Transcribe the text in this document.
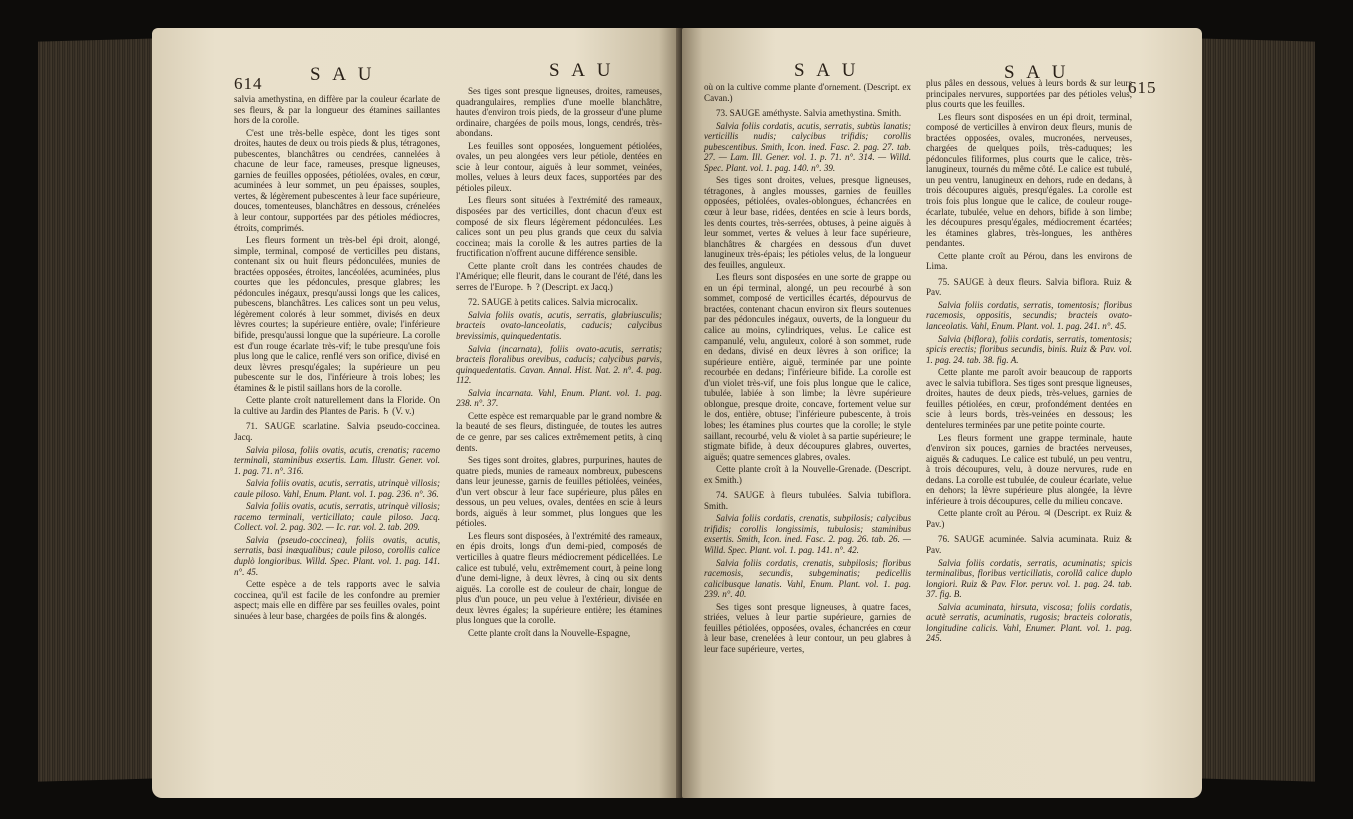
614	S A U	S A U

salvia amethystina, en diffère par la couleur écarlate de ses fleurs, & par la longueur des étamines saillantes hors de la corolle.

C'est une très-belle espèce, dont les tiges sont droites, hautes de deux ou trois pieds & plus, tétragones, pubescentes, blanchâtres ou cendrées, cannelées à chacune de leur face, rameuses, presque ligneuses, garnies de feuilles opposées, pétiolées, ovales, en cœur, acuminées à leur sommet, un peu épaisses, souples, vertes, & légèrement pubescentes à leur face supérieure, douces, tomenteuses, blanchâtres en dessous, crénelées à leur contour, supportées par des pétioles médiocres, étroits, comprimés.

Les fleurs forment un très-bel épi droit, alongé, simple, terminal, composé de verticilles peu distans, contenant six ou huit fleurs pédonculées, munies de bractées opposées, étroites, lancéolées, acuminées, plus courtes que les pédoncules, presque glabres; les pédoncules inégaux, presqu'aussi longs que les calices, pubescens, blanchâtres. Les calices sont un peu velus, légèrement colorés à leur sommet, divisés en deux lèvres courtes; la supérieure entière, ovale; l'inférieure bifide, presqu'aussi longue que la supérieure. La corolle est d'un rouge écarlate très-vif; le tube presqu'une fois plus long que le calice, renflé vers son orifice, divisé en deux lèvres presqu'égales; la supérieure un peu pubescente sur le dos, l'inférieure à trois lobes; les étamines & le pistil saillans hors de la corolle.

Cette plante croît naturellement dans la Floride. On la cultive au Jardin des Plantes de Paris. ♄ (V. v.)

71. SAUGE scarlatine. Salvia pseudo-coccinea. Jacq.

Salvia pilosa, foliis ovatis, acutis, crenatis; racemo terminali, staminibus exsertis. Lam. Illustr. Gener. vol. 1. pag. 71. n°. 316.

Salvia foliis ovatis, acutis, serratis, utrinquè villosis; caule piloso. Vahl, Enum. Plant. vol. 1. pag. 236. n°. 36.

Salvia foliis ovatis, acutis, serratis, utrinquè villosis; racemo terminali, verticillato; caule piloso. Jacq. Collect. vol. 2. pag. 302. — Ic. rar. vol. 2. tab. 209.

Salvia (pseudo-coccinea), foliis ovatis, acutis, serratis, basi inæqualibus; caule piloso, corollis calice duplò longioribus. Willd. Spec. Plant. vol. 1. pag. 141. n°. 45.

Cette espèce a de tels rapports avec le salvia coccinea, qu'il est facile de les confondre au premier aspect; mais elle en diffère par ses feuilles ovales, point sinuées à leur base, chargées de poils fins & alongés.

Ses tiges sont presque ligneuses, droites, rameuses, quadrangulaires, remplies d'une moelle blanchâtre, hautes d'environ trois pieds, de la grosseur d'une plume ordinaire, chargées de poils mous, longs, cendrés, très-abondans.

Les feuilles sont opposées, longuement pétiolées, ovales, un peu alongées vers leur pétiole, dentées en scie à leur contour, aiguës à leur sommet, veinées, molles, velues à leurs deux faces, supportées par des pétioles pileux.

Les fleurs sont situées à l'extrémité des rameaux, disposées par des verticilles, dont chacun d'eux est composé de six fleurs légèrement pédonculées. Les calices sont un peu plus grands que ceux du salvia coccinea; mais la corolle & les autres parties de la fructification n'offrent aucune différence sensible.

Cette plante croît dans les contrées chaudes de l'Amérique; elle fleurit, dans le courant de l'été, dans les serres de l'Europe. ♄ ? (Descript. ex Jacq.)

72. SAUGE à petits calices. Salvia microcalix.

Salvia foliis ovatis, acutis, serratis, glabriusculis; bracteis ovato-lanceolatis, caducis; calycibus brevissimis, quinquedentatis.

Salvia (incarnata), foliis ovato-acutis, serratis; bracteis floralibus orevibus, caducis; calycibus parvis, quinquedentatis. Cavan. Annal. Hist. Nat. 2. n°. 4. pag. 112.

Salvia incarnata. Vahl, Enum. Plant. vol. 1. pag. 238. n°. 37.

Cette espèce est remarquable par le grand nombre & la beauté de ses fleurs, distinguée, de toutes les autres de ce genre, par ses calices extrêmement petits, à cinq dents.

Ses tiges sont droites, glabres, purpurines, hautes de quatre pieds, munies de rameaux nombreux, pubescens dans leur jeunesse, garnis de feuilles pétiolées, veinées, d'un vert obscur à leur face supérieure, plus pâles en dessous, un peu velues, ovales, dentées en scie à leurs bords, aiguës à leur sommet, plus longues que les pétioles.

Les fleurs sont disposées, à l'extrémité des rameaux, en épis droits, longs d'un demi-pied, composés de verticilles à quatre fleurs médiocrement pédicellées. Le calice est tubulé, velu, extrêmement court, à peine long d'une demi-ligne, à deux lèvres, à cinq ou six dents aiguës. La corolle est de couleur de chair, longue de plus d'un pouce, un peu velue à l'extérieur, divisée en deux lèvres égales; la supérieure entière; les étamines plus longues que la corolle.

Cette plante croît dans la Nouvelle-Espagne,

S A U	S A U
615

où on la cultive comme plante d'ornement. (Descript. ex Cavan.)

73. SAUGE améthyste. Salvia amethystina. Smith.

Salvia foliis cordatis, acutis, serratis, subtùs lanatis; verticillis nudis; calycibus trifidis; corollis pubescentibus. Smith, Icon. ined. Fasc. 2. pag. 27. tab. 27. — Lam. Ill. Gener. vol. 1. p. 71. n°. 314. — Willd. Spec. Plant. vol. 1. pag. 140. n°. 39.

Ses tiges sont droites, velues, presque ligneuses, tétragones, à angles mousses, garnies de feuilles opposées, pétiolées, ovales-oblongues, échancrées en cœur à leur base, ridées, dentées en scie à leurs bords, les dents courtes, très-serrées, obtuses, à peine aiguës à leur sommet, vertes & velues à leur face supérieure, blanchâtres & chargées en dessous d'un duvet lanugineux très-épais; les pétioles velus, de la longueur des feuilles, anguleux.

Les fleurs sont disposées en une sorte de grappe ou en un épi terminal, alongé, un peu recourbé à son sommet, composé de verticilles écartés, dépourvus de bractées, contenant chacun environ six fleurs soutenues par des pédoncules inégaux, ouverts, de la longueur du calice au moins, cylindriques, velus. Le calice est campanulé, velu, anguleux, coloré à son sommet, rude en dedans, divisé en deux lèvres à son orifice; la supérieure entière, aiguë, terminée par une pointe recourbée en dedans; l'inférieure bifide. La corolle est d'un violet très-vif, une fois plus longue que le calice, tubulée, labiée à son limbe; la lèvre supérieure oblongue, presque droite, concave, fortement velue sur le dos, entière, obtuse; l'inférieure pubescente, à trois lobes; les étamines plus courtes que la corolle; le style saillant, recourbé, velu & violet à sa partie supérieure; le stigmate bifide, à deux découpures glabres, ouvertes, aiguës; quatre semences glabres, ovales.

Cette plante croît à la Nouvelle-Grenade. (Descript. ex Smith.)

74. SAUGE à fleurs tubulées. Salvia tubiflora. Smith.

Salvia foliis cordatis, crenatis, subpilosis; calycibus trifidis; corollis longissimis, tubulosis; staminibus exsertis. Smith, Icon. ined. Fasc. 2. pag. 26. tab. 26. — Willd. Spec. Plant. vol. 1. pag. 141. n°. 42.

Salvia foliis cordatis, crenatis, subpilosis; floribus racemosis, secundis, subgeminatis; pedicellis calicibusque lanatis. Vahl, Enum. Plant. vol. 1. pag. 239. n°. 40.

Ses tiges sont presque ligneuses, à quatre faces, striées, velues à leur partie supérieure, garnies de feuilles pétiolées, opposées, ovales, échancrées en cœur à leur base, crenelées à leur contour, un peu glabres à leur face supérieure, vertes,

plus pâles en dessous, velues à leurs bords & sur leurs principales nervures, supportées par des pétioles velus, plus courts que les feuilles.

Les fleurs sont disposées en un épi droit, terminal, composé de verticilles à environ deux fleurs, munis de bractées opposées, ovales, mucronées, nerveuses, chargées de quelques poils, très-caduques; les pédoncules filiformes, plus courts que le calice, très-lanugineux, tournés du même côté. Le calice est tubulé, un peu ventru, lanugineux en dehors, rude en dedans, à trois découpures aiguës, presqu'égales. La corolle est trois fois plus longue que le calice, de couleur rouge-écarlate, tubulée, velue en dehors, bifide à son limbe; les découpures presqu'égales, médiocrement écartées; les étamines glabres, très-longues, les anthères pendantes.

Cette plante croît au Pérou, dans les environs de Lima.

75. SAUGE à deux fleurs. Salvia biflora. Ruiz & Pav.

Salvia foliis cordatis, serratis, tomentosis; floribus racemosis, oppositis, secundis; bracteis ovato-lanceolatis. Vahl, Enum. Plant. vol. 1. pag. 241. n°. 45.

Salvia (biflora), foliis cordatis, serratis, tomentosis; spicis erectis; floribus secundis, binis. Ruiz & Pav. vol. 1. pag. 24. tab. 38. fig. A.

Cette plante me paroît avoir beaucoup de rapports avec le salvia tubiflora. Ses tiges sont presque ligneuses, droites, hautes de deux pieds, très-velues, garnies de feuilles pétiolées, en cœur, profondément dentées en scie à leurs bords, très-veinées en dessous; les dentelures terminées par une petite pointe courte.

Les fleurs forment une grappe terminale, haute d'environ six pouces, garnies de bractées nerveuses, aiguës & caduques. Le calice est tubulé, un peu ventru, à trois découpures, velu, à douze nervures, rude en dedans. La corolle est tubulée, de couleur écarlate, velue en dehors; la lèvre supérieure plus alongée, la lèvre inférieure à trois découpures, celle du milieu concave.

Cette plante croît au Pérou. ♃ (Descript. ex Ruiz & Pav.)

76. SAUGE acuminée. Salvia acuminata. Ruiz & Pav.

Salvia foliis cordatis, serratis, acuminatis; spicis terminalibus, floribus verticillatis, corollâ calice duplo longiori. Ruiz & Pav. Flor. peruv. vol. 1. pag. 24. tab. 37. fig. B.

Salvia acuminata, hirsuta, viscosa; foliis cordatis, acutè serratis, acuminatis, rugosis; bracteis coloratis, longitudine calicis. Vahl, Enumer. Plant. vol. 1. pag. 245.
